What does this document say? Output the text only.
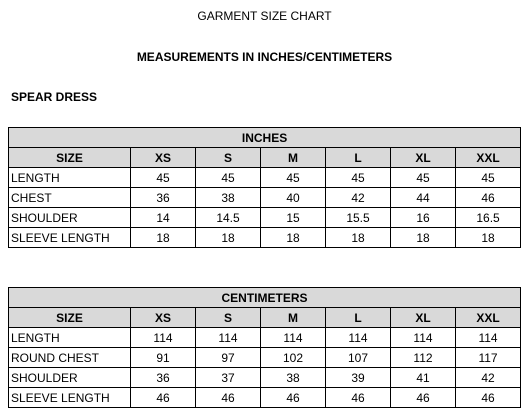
GARMENT SIZE CHART
MEASUREMENTS IN INCHES/CENTIMETERS
SPEAR DRESS
INCHES						
SIZE	XS	S	M	L	XL	XXL
LENGTH	45	45	45	45	45	45
CHEST	36	38	40	42	44	46
SHOULDER	14	14.5	15	15.5	16	16.5
SLEEVE LENGTH	18	18	18	18	18	18
CENTIMETERS						
SIZE	XS	S	M	L	XL	XXL
LENGTH	114	114	114	114	114	114
ROUND CHEST	91	97	102	107	112	117
SHOULDER	36	37	38	39	41	42
SLEEVE LENGTH	46	46	46	46	46	46
